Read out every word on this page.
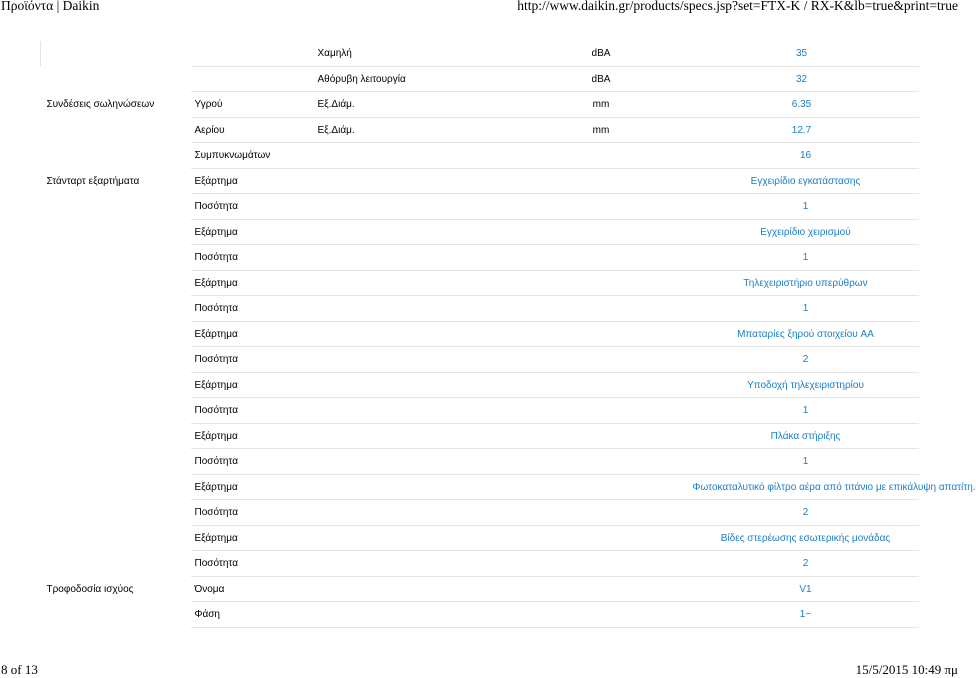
Προϊόντα | Daikin	http://www.daikin.gr/products/specs.jsp?set=FTX-K / RX-K&lb=true&print=true
		Χαμηλή	dBA	35
		Αθόρυβη λειτουργία	dBA	32
Συνδέσεις σωληνώσεων	Υγρού	Εξ.Διάμ.	mm	6.35
	Αερίου	Εξ.Διάμ.	mm	12.7
	Συμπυκνωμάτων		16	
Στάνταρτ εξαρτήματα	Εξάρτημα		Εγχειρίδιο εγκατάστασης	
	Ποσότητα		1	
	Εξάρτημα		Εγχειρίδιο χειρισμού	
	Ποσότητα		1	
	Εξάρτημα		Τηλεχειριστήριο υπερύθρων	
	Ποσότητα		1	
	Εξάρτημα		Μπαταρίες ξηρού στοιχείου AA	
	Ποσότητα		2	
	Εξάρτημα		Υποδοχή τηλεχειριστηρίου	
	Ποσότητα		1	
	Εξάρτημα		Πλάκα στήριξης	
	Ποσότητα		1	
	Εξάρτημα		Φωτοκαταλυτικό φίλτρο αέρα από τιτάνιο με επικάλυψη απατίτη.	
	Ποσότητα		2	
	Εξάρτημα		Βίδες στερέωσης εσωτερικής μονάδας	
	Ποσότητα		2	
Τροφοδοσία ισχύος	Όνομα		V1	
	Φάση		1~	
8 of 13	15/5/2015 10:49 πμ
